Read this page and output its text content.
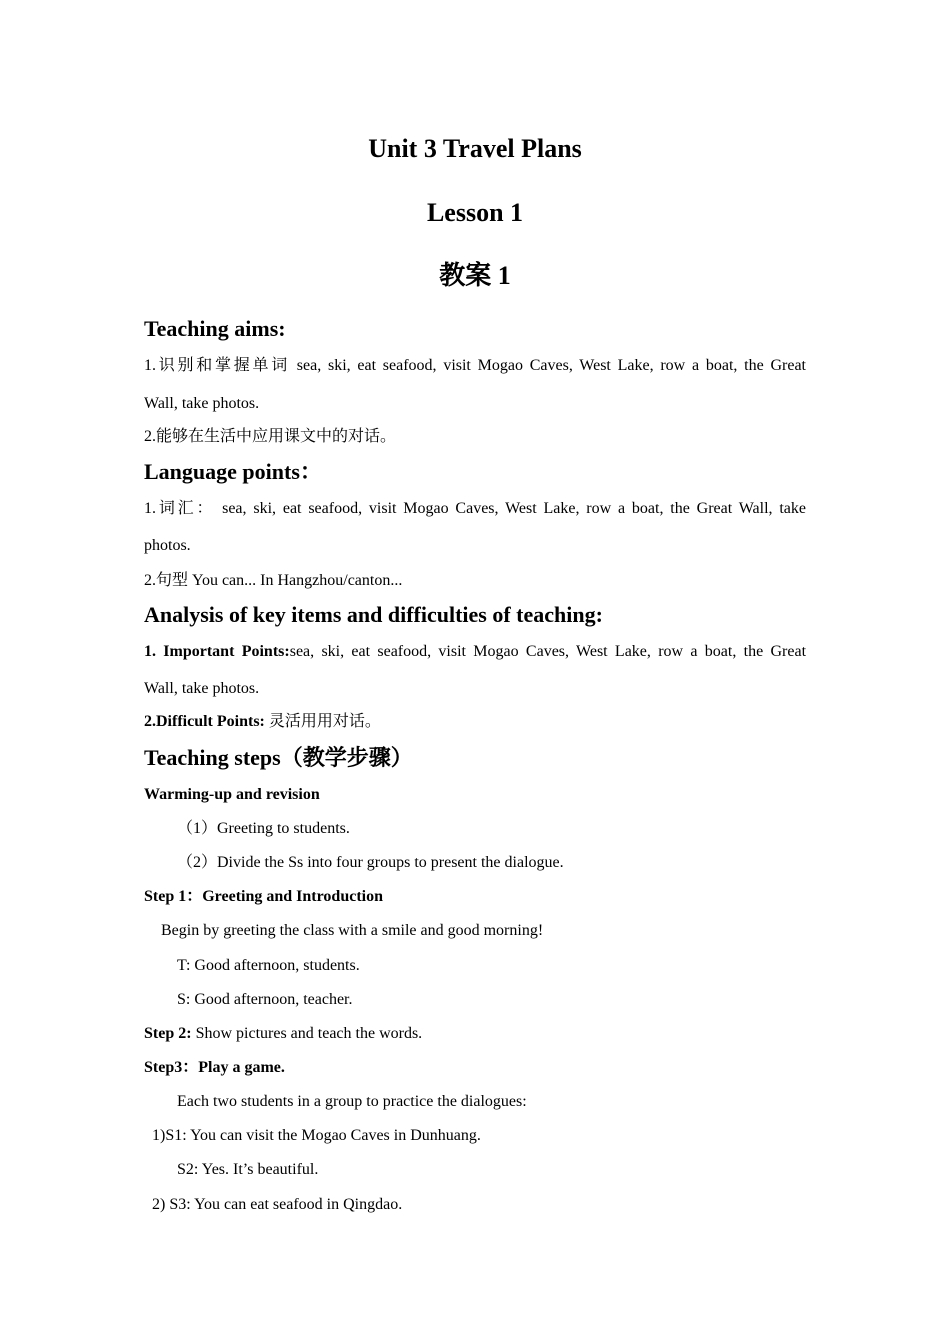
Unit 3 Travel Plans
Lesson 1
教案 1
Teaching aims:
1.识别和掌握单词 sea, ski, eat seafood, visit Mogao Caves, West Lake, row a boat, the Great
Wall, take photos.
2.能够在生活中应用课文中的对话。
Language points：
1.词汇： sea, ski, eat seafood, visit Mogao Caves, West Lake, row a boat, the Great Wall, take
photos.
2.句型 You can... In Hangzhou/canton...
Analysis of key items and difficulties of teaching:
1. Important Points:sea, ski, eat seafood, visit Mogao Caves, West Lake, row a boat, the Great
Wall, take photos.
2.Difficult Points: 灵活用用对话。
Teaching steps（教学步骤）
Warming-up and revision
（1）Greeting to students.
（2）Divide the Ss into four groups to present the dialogue.
Step 1：Greeting and Introduction
Begin by greeting the class with a smile and good morning!
T: Good afternoon, students.
S: Good afternoon, teacher.
Step 2: Show pictures and teach the words.
Step3：Play a game.
Each two students in a group to practice the dialogues:
1)S1: You can visit the Mogao Caves in Dunhuang.
S2: Yes. It’s beautiful.
2) S3: You can eat seafood in Qingdao.
